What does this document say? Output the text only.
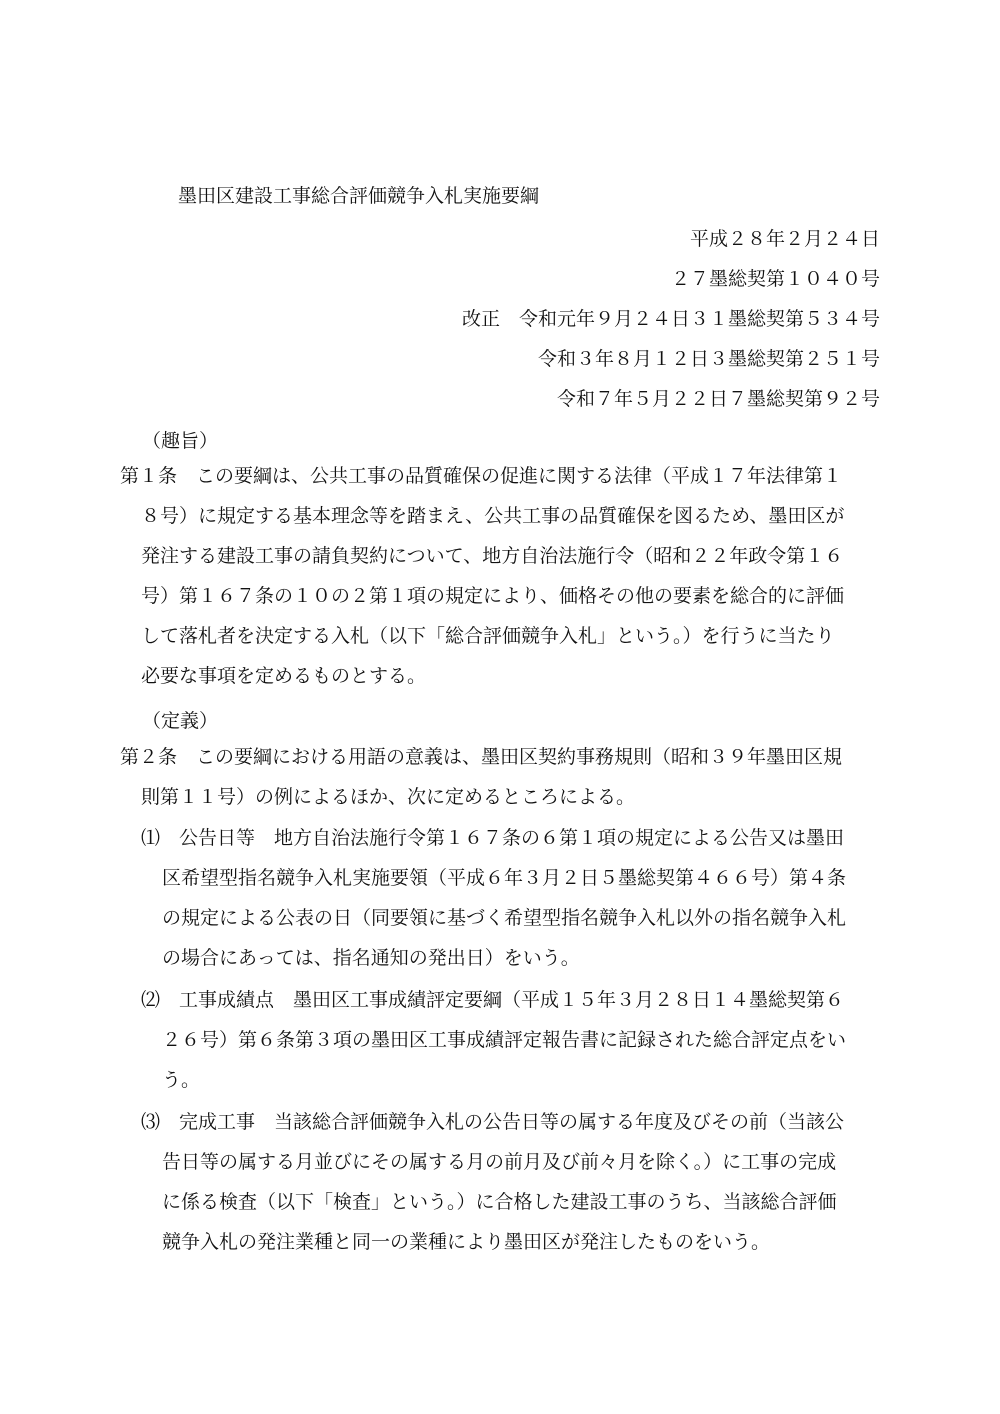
墨田区建設工事総合評価競争入札実施要綱
平成２８年２月２４日
２７墨総契第１０４０号
改正　令和元年９月２４日３１墨総契第５３４号
令和３年８月１２日３墨総契第２５１号
令和７年５月２２日７墨総契第９２号
（趣旨）
第１条　この要綱は、公共工事の品質確保の促進に関する法律（平成１７年法律第１
８号）に規定する基本理念等を踏まえ、公共工事の品質確保を図るため、墨田区が
発注する建設工事の請負契約について、地方自治法施行令（昭和２２年政令第１６
号）第１６７条の１０の２第１項の規定により、価格その他の要素を総合的に評価
して落札者を決定する入札（以下「総合評価競争入札」という。）を行うに当たり
必要な事項を定めるものとする。
（定義）
第２条　この要綱における用語の意義は、墨田区契約事務規則（昭和３９年墨田区規
則第１１号）の例によるほか、次に定めるところによる。
⑴　公告日等　地方自治法施行令第１６７条の６第１項の規定による公告又は墨田
区希望型指名競争入札実施要領（平成６年３月２日５墨総契第４６６号）第４条
の規定による公表の日（同要領に基づく希望型指名競争入札以外の指名競争入札
の場合にあっては、指名通知の発出日）をいう。
⑵　工事成績点　墨田区工事成績評定要綱（平成１５年３月２８日１４墨総契第６
２６号）第６条第３項の墨田区工事成績評定報告書に記録された総合評定点をい
う。
⑶　完成工事　当該総合評価競争入札の公告日等の属する年度及びその前（当該公
告日等の属する月並びにその属する月の前月及び前々月を除く。）に工事の完成
に係る検査（以下「検査」という。）に合格した建設工事のうち、当該総合評価
競争入札の発注業種と同一の業種により墨田区が発注したものをいう。
